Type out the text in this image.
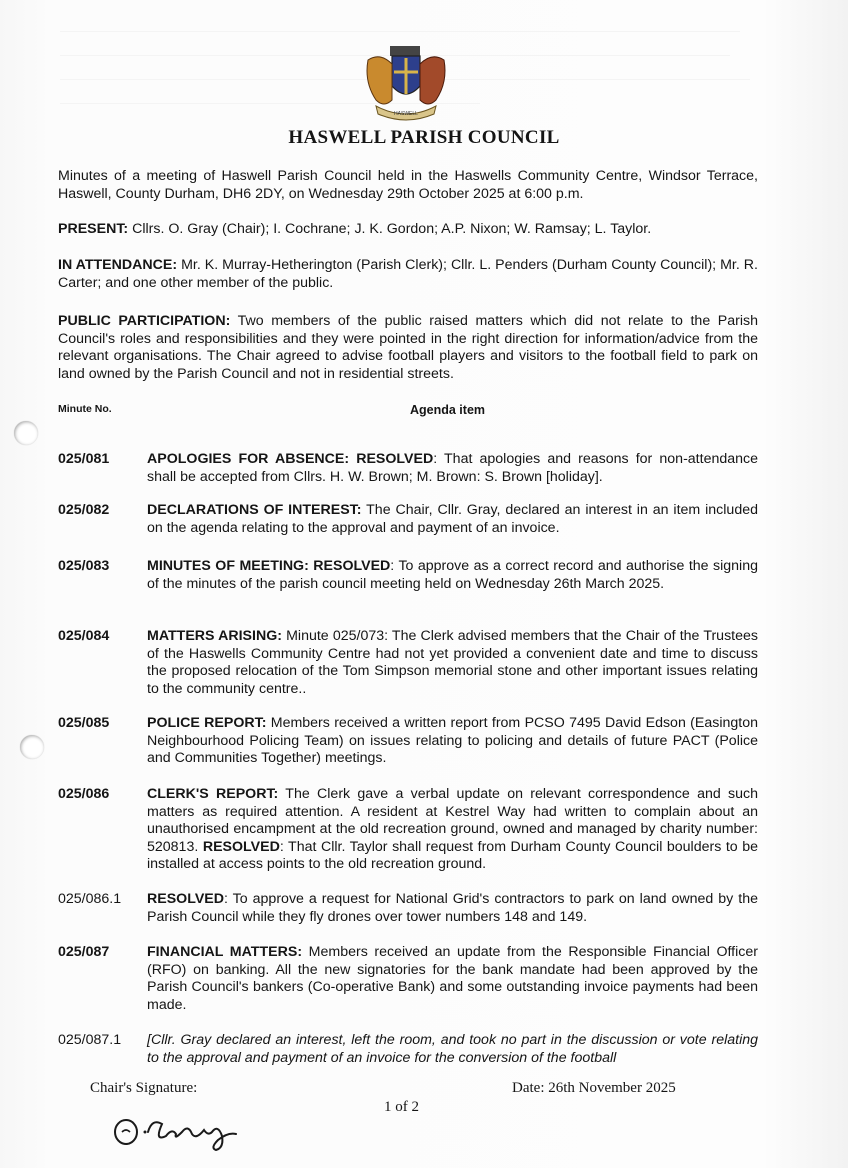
HASWELL
HASWELL PARISH COUNCIL
Minutes of a meeting of Haswell Parish Council held in the Haswells Community Centre, Windsor Terrace, Haswell, County Durham, DH6 2DY, on Wednesday 29th October 2025 at 6:00 p.m.
PRESENT: Cllrs. O. Gray (Chair); I. Cochrane; J. K. Gordon; A.P. Nixon; W. Ramsay; L. Taylor.
IN ATTENDANCE: Mr. K. Murray-Hetherington (Parish Clerk); Cllr. L. Penders (Durham County Council); Mr. R. Carter; and one other member of the public.
PUBLIC PARTICIPATION: Two members of the public raised matters which did not relate to the Parish Council's roles and responsibilities and they were pointed in the right direction for information/advice from the relevant organisations. The Chair agreed to advise football players and visitors to the football field to park on land owned by the Parish Council and not in residential streets.
Minute No.	Agenda item
025/081	APOLOGIES FOR ABSENCE: RESOLVED: That apologies and reasons for non-attendance shall be accepted from Cllrs. H. W. Brown; M. Brown: S. Brown [holiday].
025/082	DECLARATIONS OF INTEREST: The Chair, Cllr. Gray, declared an interest in an item included on the agenda relating to the approval and payment of an invoice.
025/083	MINUTES OF MEETING: RESOLVED: To approve as a correct record and authorise the signing of the minutes of the parish council meeting held on Wednesday 26th March 2025.
025/084	MATTERS ARISING: Minute 025/073: The Clerk advised members that the Chair of the Trustees of the Haswells Community Centre had not yet provided a convenient date and time to discuss the proposed relocation of the Tom Simpson memorial stone and other important issues relating to the community centre..
025/085	POLICE REPORT: Members received a written report from PCSO 7495 David Edson (Easington Neighbourhood Policing Team) on issues relating to policing and details of future PACT (Police and Communities Together) meetings.
025/086	CLERK'S REPORT: The Clerk gave a verbal update on relevant correspondence and such matters as required attention. A resident at Kestrel Way had written to complain about an unauthorised encampment at the old recreation ground, owned and managed by charity number: 520813. RESOLVED: That Cllr. Taylor shall request from Durham County Council boulders to be installed at access points to the old recreation ground.
025/086.1	RESOLVED: To approve a request for National Grid's contractors to park on land owned by the Parish Council while they fly drones over tower numbers 148 and 149.
025/087	FINANCIAL MATTERS: Members received an update from the Responsible Financial Officer (RFO) on banking. All the new signatories for the bank mandate had been approved by the Parish Council's bankers (Co-operative Bank) and some outstanding invoice payments had been made.
025/087.1	[Cllr. Gray declared an interest, left the room, and took no part in the discussion or vote relating to the approval and payment of an invoice for the conversion of the football
Chair's Signature:	Date: 26th November 2025
1 of 2
